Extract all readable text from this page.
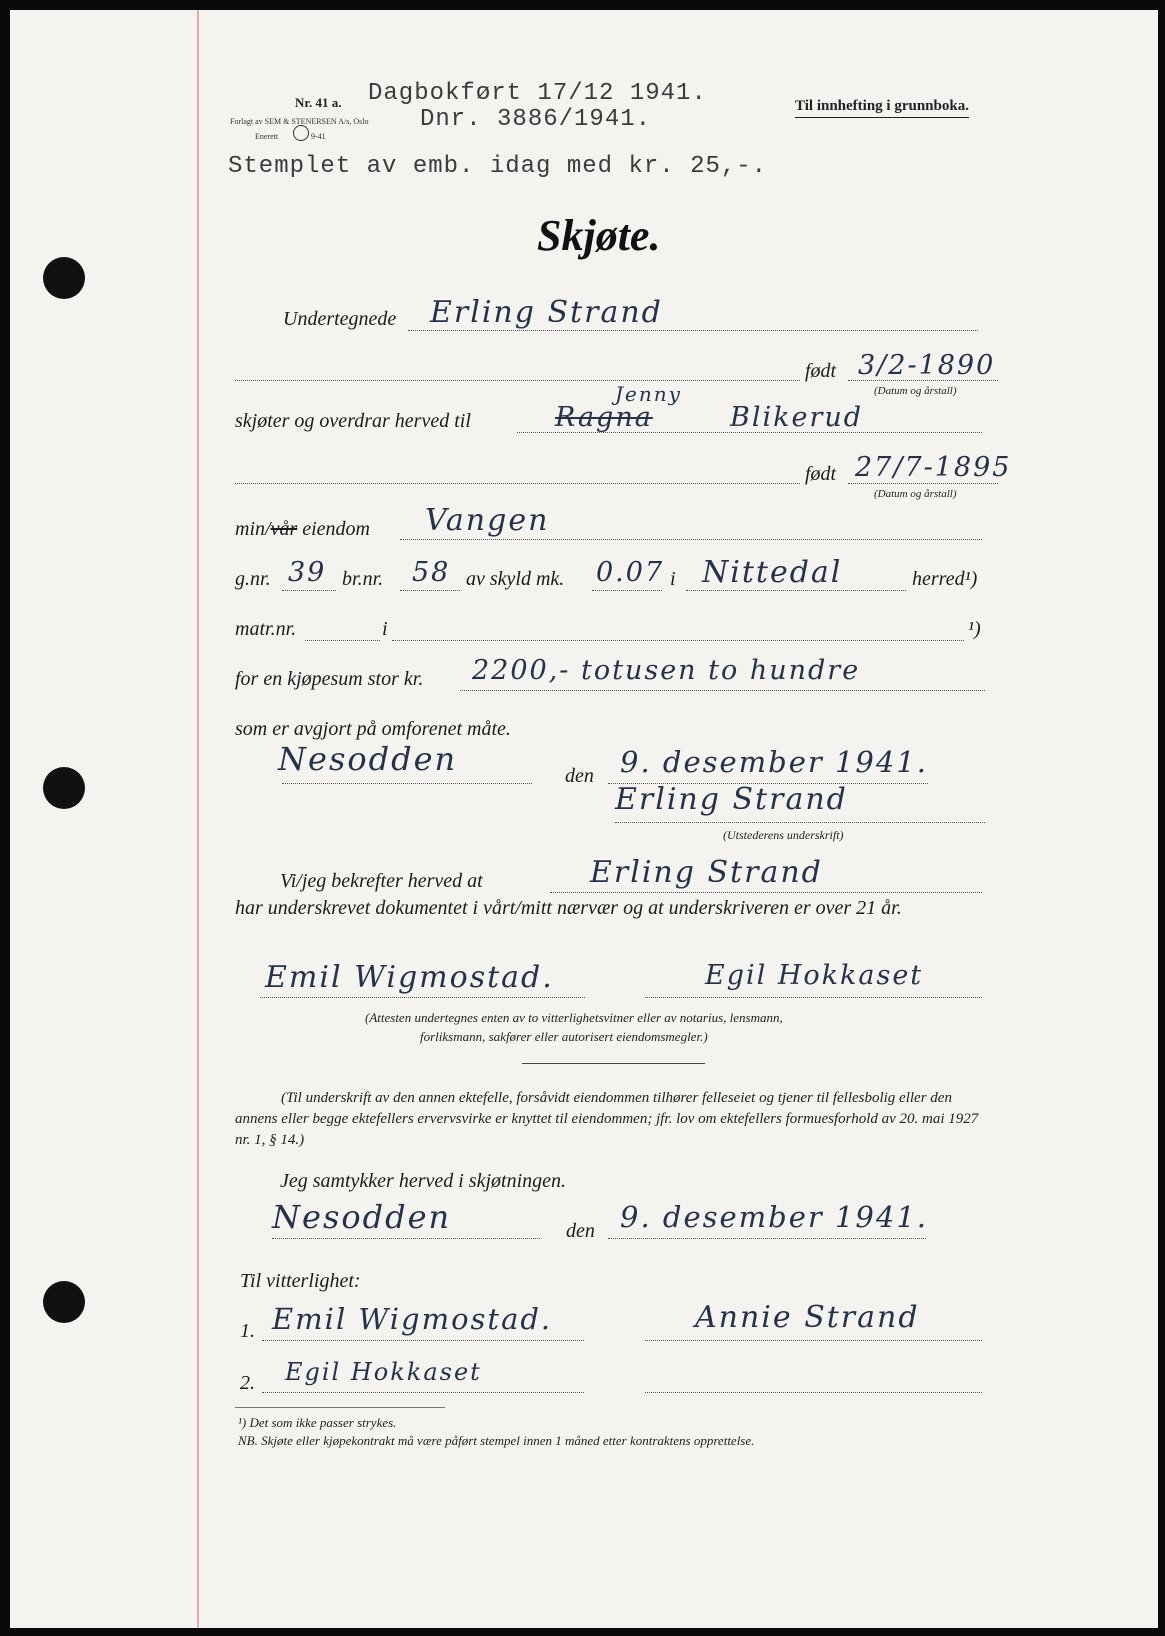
Nr. 41 a.
Forlagt av SEM & STENERSEN A/s, Oslo
Enerett	9-41
Dagbokført 17/12 1941.
Dnr. 3886/1941.	Til innhefting i grunnboka.
Stemplet av emb. idag med kr. 25,-.
Skjøte.
Undertegnede Erling Strand
født 3/2-1890
(Datum og årstall)
Jenny
skjøter og overdrar herved til	Ragna	Blikerud
født 27/7-1895
(Datum og årstall)
min/vår eiendom Vangen
g.nr. 39 br.nr. 58 av skyld mk. 0.07 i Nittedal	herred¹)
matr.nr.	i	¹)
for en kjøpesum stor kr. 2200,- totusen to hundre
som er avgjort på omforenet måte.
Nesodden	den 9. desember 1941.
Erling Strand
(Utstederens underskrift)
Vi/jeg bekrefter herved at	Erling Strand
har underskrevet dokumentet i vårt/mitt nærvær og at underskriveren er over 21 år.
Emil Wigmostad.	Egil Hokkaset
(Attesten undertegnes enten av to vitterlighetsvitner eller av notarius, lensmann,
forliksmann, sakfører eller autorisert eiendomsmegler.)
(Til underskrift av den annen ektefelle, forsåvidt eiendommen tilhører felleseiet og tjener til fellesbolig eller den annens eller begge ektefellers ervervsvirke er knyttet til eiendommen; jfr. lov om ektefellers formuesforhold av 20. mai 1927 nr. 1, § 14.)
Jeg samtykker herved i skjøtningen.
Nesodden	den 9. desember 1941.
Til vitterlighet:
1. Emil Wigmostad.	Annie Strand
2. Egil Hokkaset
¹) Det som ikke passer strykes.
NB. Skjøte eller kjøpekontrakt må være påført stempel innen 1 måned etter kontraktens opprettelse.
